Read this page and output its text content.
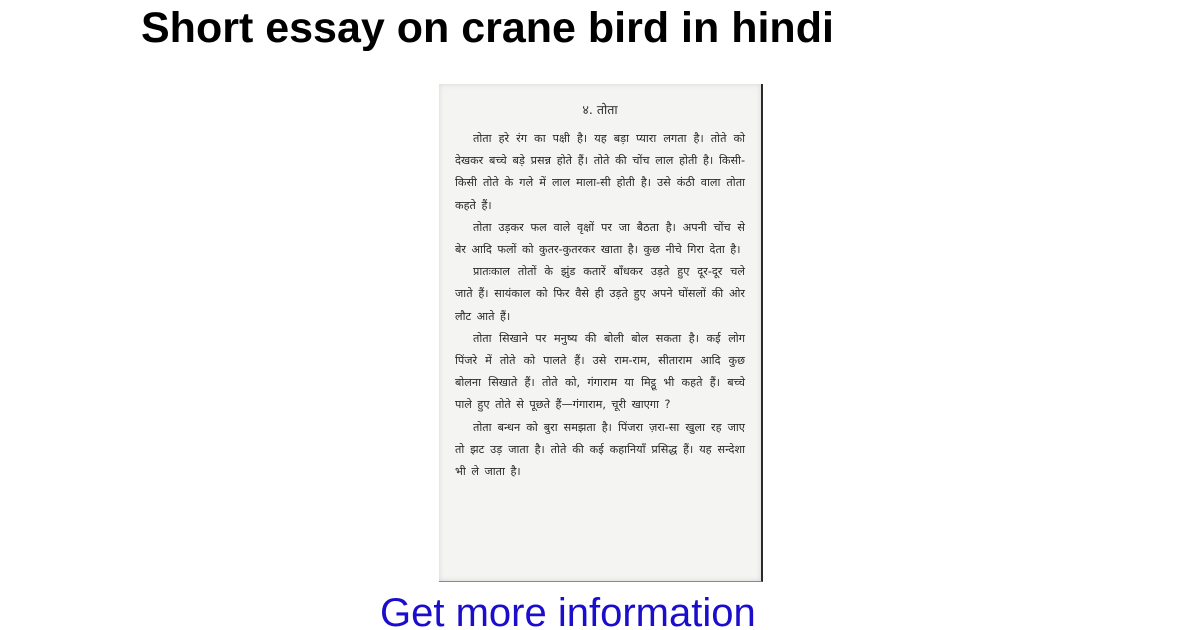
Short essay on crane bird in hindi
४. तोता

तोता हरे रंग का पक्षी है। यह बड़ा प्यारा लगता है। तोते को देखकर बच्चे बड़े प्रसन्न होते हैं। तोते की चोंच लाल होती है। किसी-किसी तोते के गले में लाल माला-सी होती है। उसे कंठी वाला तोता कहते हैं।

तोता उड़कर फल वाले वृक्षों पर जा बैठता है। अपनी चोंच से बेर आदि फलों को कुतर-कुतरकर खाता है। कुछ नीचे गिरा देता है।

प्रातःकाल तोतों के झुंड कतारें बाँधकर उड़ते हुए दूर-दूर चले जाते हैं। सायंकाल को फिर वैसे ही उड़ते हुए अपने घोंसलों की ओर लौट आते हैं।

तोता सिखाने पर मनुष्य की बोली बोल सकता है। कई लोग पिंजरे में तोते को पालते हैं। उसे राम-राम, सीताराम आदि कुछ बोलना सिखाते हैं। तोते को, गंगाराम या मिट्ठू भी कहते हैं। बच्चे पाले हुए तोते से पूछते हैं—गंगाराम, चूरी खाएगा ?

तोता बन्धन को बुरा समझता है। पिंजरा ज़रा-सा खुला रह जाए तो झट उड़ जाता है। तोते की कई कहानियाँ प्रसिद्ध हैं। यह सन्देशा भी ले जाता है।

Get more information
